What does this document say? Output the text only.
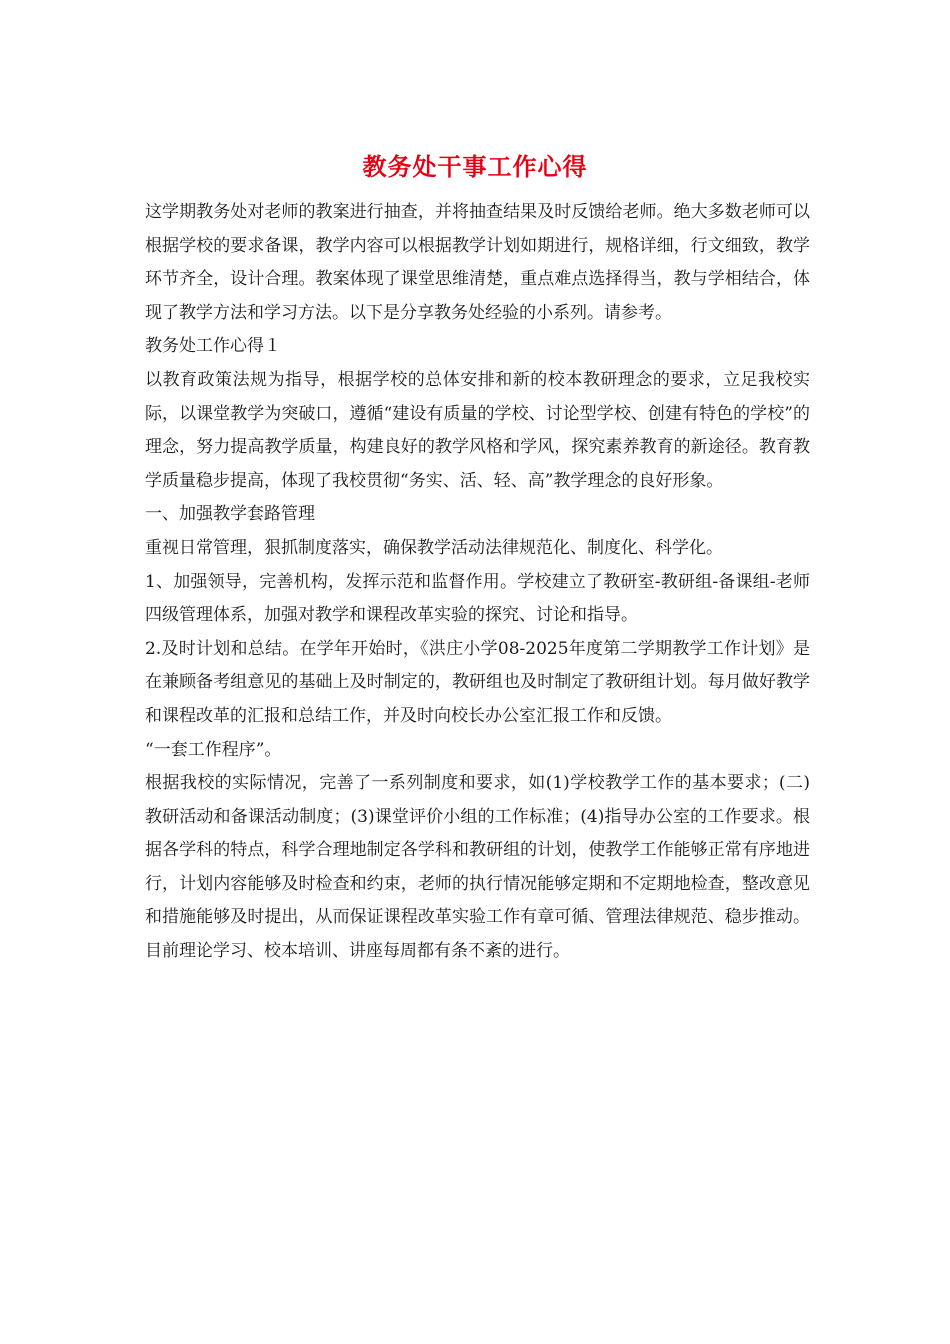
教务处干事工作心得

这学期教务处对老师的教案进行抽查，并将抽查结果及时反馈给老师。绝大多数老师可以根据学校的要求备课，教学内容可以根据教学计划如期进行，规格详细，行文细致，教学环节齐全，设计合理。教案体现了课堂思维清楚，重点难点选择得当，教与学相结合，体现了教学方法和学习方法。以下是分享教务处经验的小系列。请参考。

教务处工作心得１

以教育政策法规为指导，根据学校的总体安排和新的校本教研理念的要求，立足我校实际，以课堂教学为突破口，遵循“建设有质量的学校、讨论型学校、创建有特色的学校”的理念，努力提高教学质量，构建良好的教学风格和学风，探究素养教育的新途径。教育教学质量稳步提高，体现了我校贯彻“务实、活、轻、高”教学理念的良好形象。

一、加强教学套路管理

重视日常管理，狠抓制度落实，确保教学活动法律规范化、制度化、科学化。

1、加强领导，完善机构，发挥示范和监督作用。学校建立了教研室-教研组-备课组-老师四级管理体系，加强对教学和课程改革实验的探究、讨论和指导。

2.及时计划和总结。在学年开始时，《洪庄小学08-2025年度第二学期教学工作计划》是在兼顾备考组意见的基础上及时制定的，教研组也及时制定了教研组计划。每月做好教学和课程改革的汇报和总结工作，并及时向校长办公室汇报工作和反馈。

“一套工作程序”。

根据我校的实际情况，完善了一系列制度和要求，如(1)学校教学工作的基本要求；(二)教研活动和备课活动制度；(3)课堂评价小组的工作标准；(4)指导办公室的工作要求。根据各学科的特点，科学合理地制定各学科和教研组的计划，使教学工作能够正常有序地进行，计划内容能够及时检查和约束，老师的执行情况能够定期和不定期地检查，整改意见和措施能够及时提出，从而保证课程改革实验工作有章可循、管理法律规范、稳步推动。目前理论学习、校本培训、讲座每周都有条不紊的进行。
